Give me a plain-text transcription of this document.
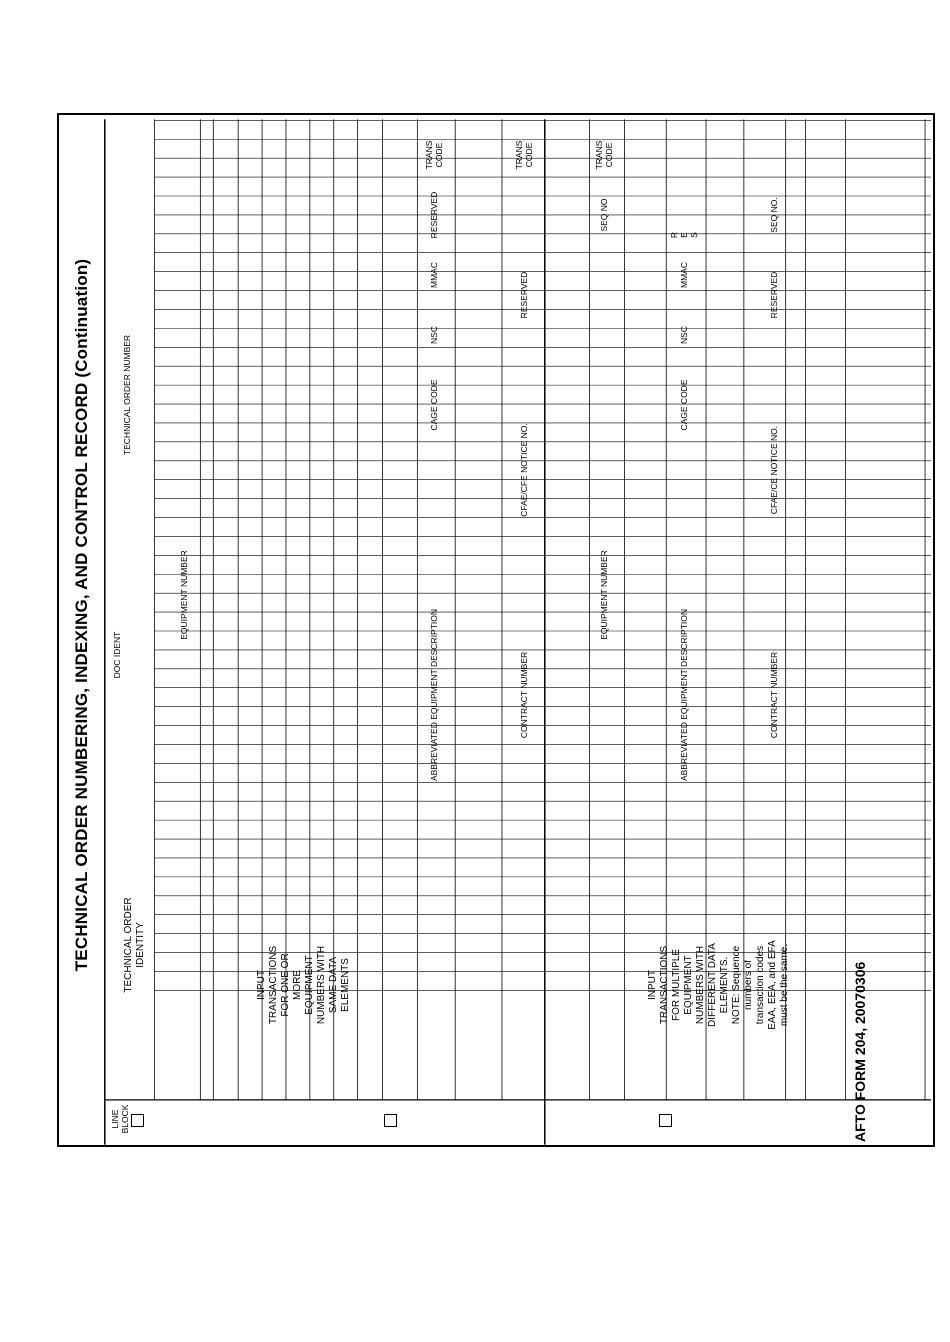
TECHNICAL ORDER NUMBERING, INDEXING, AND CONTROL RECORD (Continuation)
LINE
BLOCK
TECHNICAL ORDER
IDENTITY
DOC IDENT
TECHNICAL ORDER NUMBER
EQUIPMENT NUMBER
INPUT
TRANSACTIONS
FOR ONE OR
MORE
EQUIPMENT
NUMBERS WITH
SAME DATA
ELEMENTS
ABBREVIATED EQUIPMENT DESCRIPTION
CAGE CODE
NSC
MMAC
RESERVED
TRANS
CODE
CONTRACT NUMBER
CFAE/CFE NOTICE NO.
RESERVED
TRANS
CODE
INPUT
TRANSACTIONS
FOR MULTIPLE
EQUIPMENT
NUMBERS WITH
DIFFERENT DATA
ELEMENTS.
NOTE: Sequence
numbers of
transaction codes
EAA, EEA, and EFA
must be the same.
EQUIPMENT NUMBER
SEQ NO
TRANS
CODE
ABBREVIATED EQUIPMENT DESCRIPTION
CAGE CODE
NSC
MMAC
R
E
S
CONTRACT NUMBER
CFAE/CE NOTICE NO.
RESERVED
SEQ NO.
AFTO FORM 204, 20070306
